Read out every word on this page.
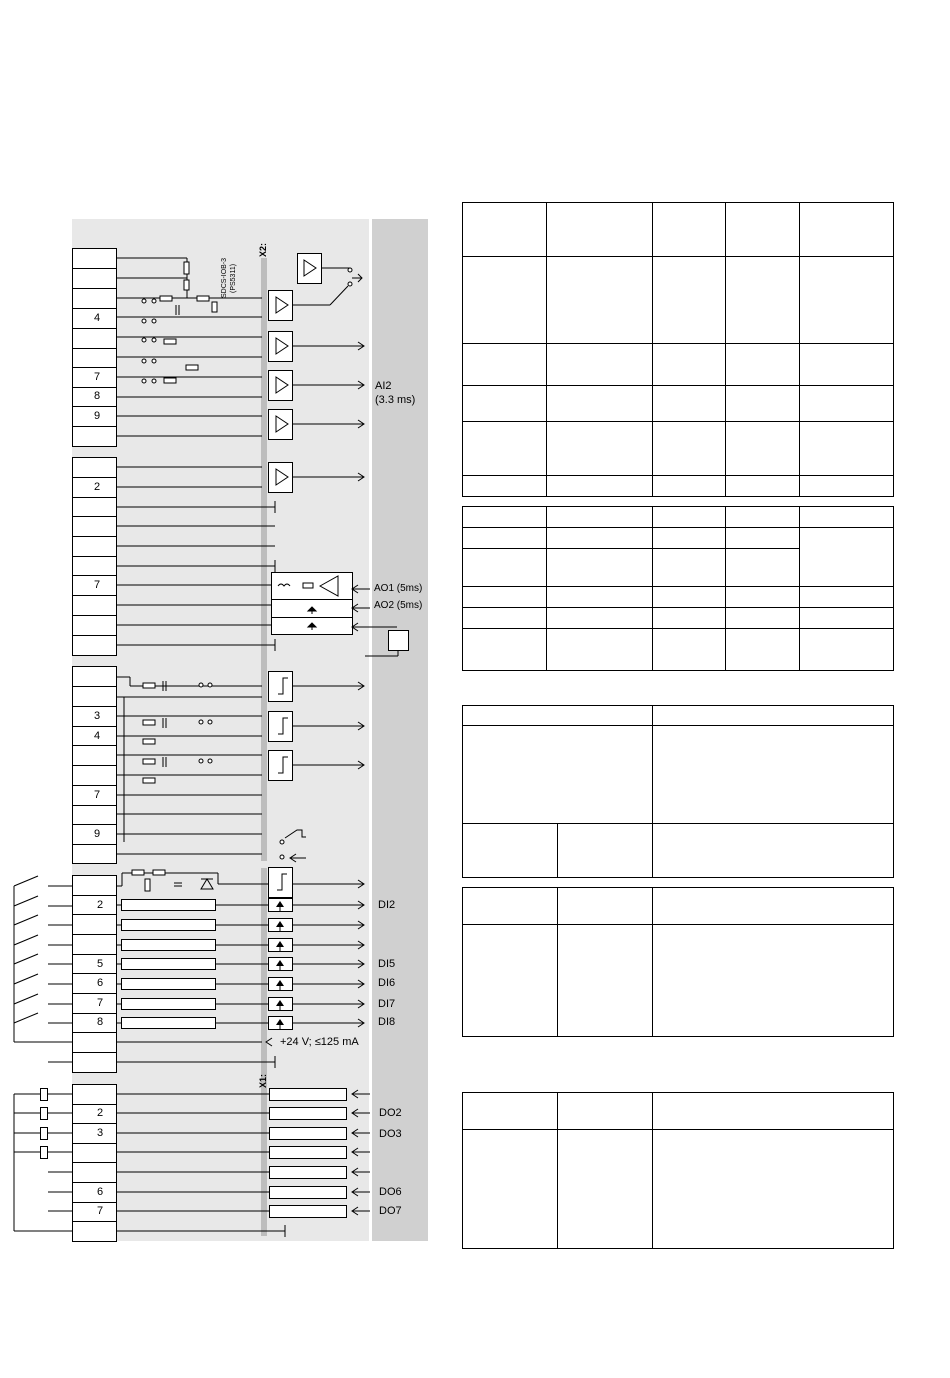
SDCS-IOB-3 (PS5311)
X2:
X1:
4
7
8
9
2
7
3
4
7
9
2
5
6
7
8
2
3
6
7
AI2
(3.3 ms)
AO1 (5ms)
AO2 (5ms)
DI2
DI5
DI6
DI7
DI8
+24 V; ≤125 mA
DO2
DO3
DO6
DO7
